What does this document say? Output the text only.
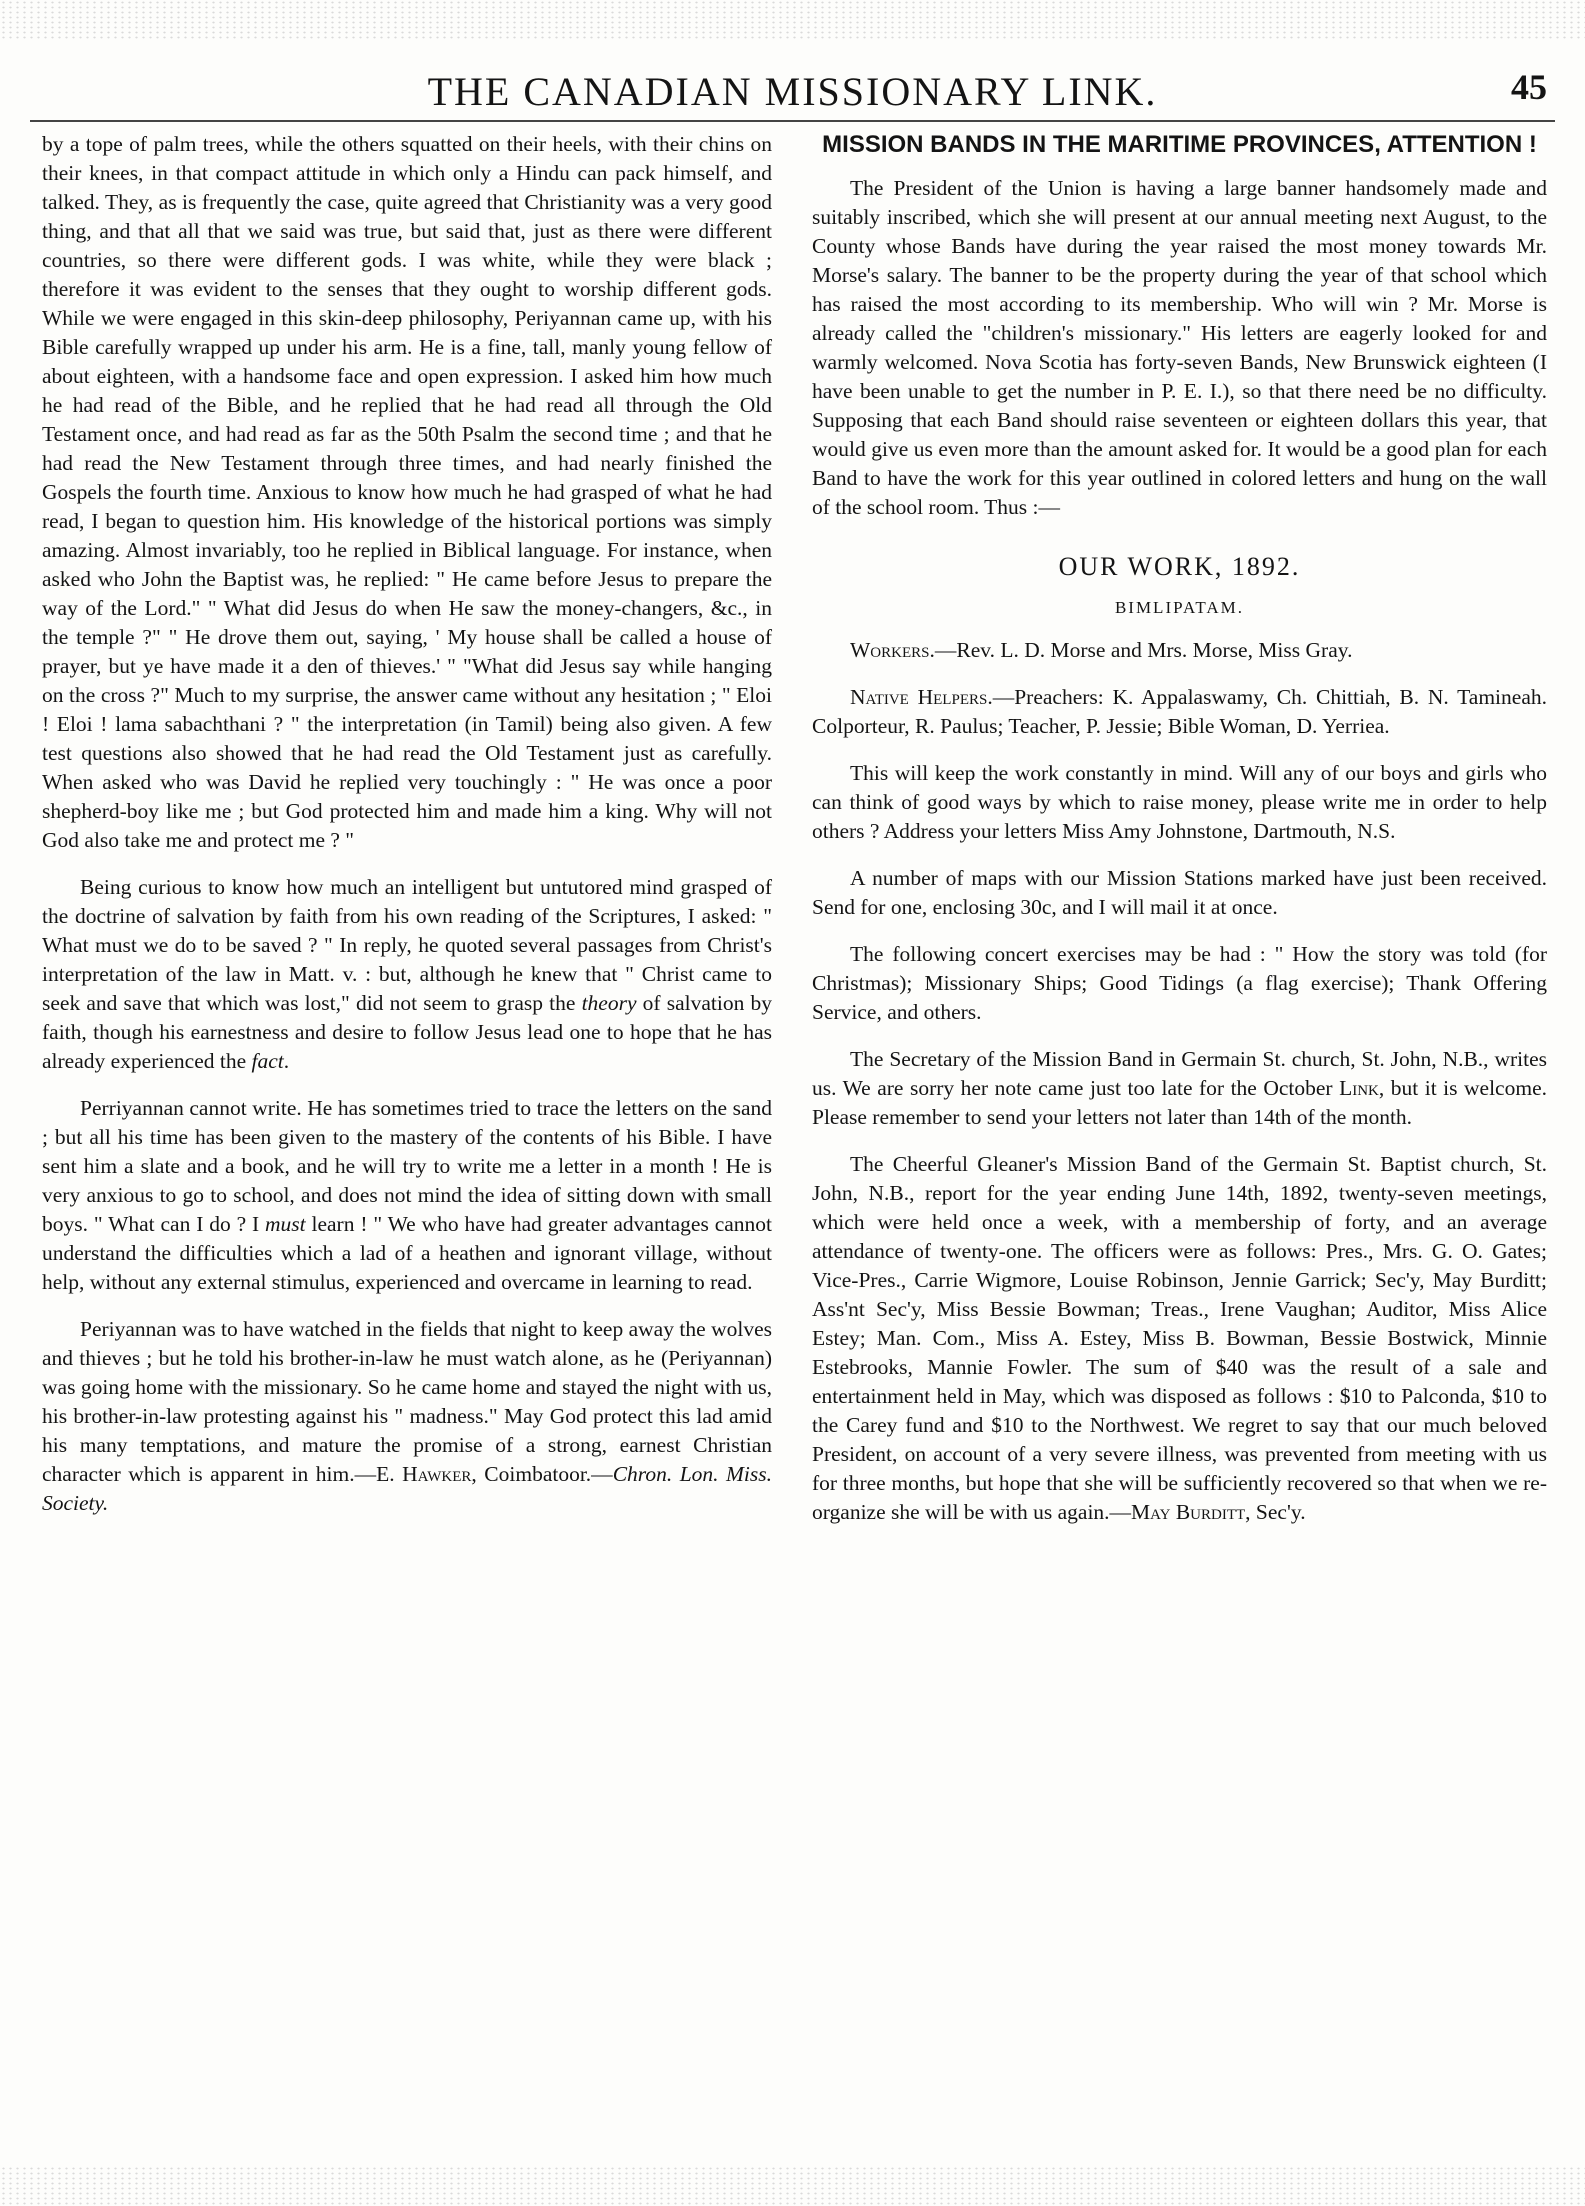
THE CANADIAN MISSIONARY LINK.	45

by a tope of palm trees, while the others squatted on their heels, with their chins on their knees, in that compact attitude in which only a Hindu can pack himself, and talked. They, as is frequently the case, quite agreed that Christianity was a very good thing, and that all that we said was true, but said that, just as there were different countries, so there were different gods. I was white, while they were black ; therefore it was evident to the senses that they ought to worship different gods. While we were engaged in this skin-deep philosophy, Periyannan came up, with his Bible carefully wrapped up under his arm. He is a fine, tall, manly young fellow of about eighteen, with a handsome face and open expression. I asked him how much he had read of the Bible, and he replied that he had read all through the Old Testament once, and had read as far as the 50th Psalm the second time ; and that he had read the New Testament through three times, and had nearly finished the Gospels the fourth time. Anxious to know how much he had grasped of what he had read, I began to question him. His knowledge of the historical portions was simply amazing. Almost invariably, too he replied in Biblical language. For instance, when asked who John the Baptist was, he replied: " He came before Jesus to prepare the way of the Lord." " What did Jesus do when He saw the money-changers, &c., in the temple ?" " He drove them out, saying, ' My house shall be called a house of prayer, but ye have made it a den of thieves.' " "What did Jesus say while hanging on the cross ?" Much to my surprise, the answer came without any hesitation ; " Eloi ! Eloi ! lama sabachthani ? " the interpretation (in Tamil) being also given. A few test questions also showed that he had read the Old Testament just as carefully. When asked who was David he replied very touchingly : " He was once a poor shepherd-boy like me ; but God protected him and made him a king. Why will not God also take me and protect me ? "

Being curious to know how much an intelligent but untutored mind grasped of the doctrine of salvation by faith from his own reading of the Scriptures, I asked: " What must we do to be saved ? " In reply, he quoted several passages from Christ's interpretation of the law in Matt. v. : but, although he knew that " Christ came to seek and save that which was lost," did not seem to grasp the theory of salvation by faith, though his earnestness and desire to follow Jesus lead one to hope that he has already experienced the fact.

Perriyannan cannot write. He has sometimes tried to trace the letters on the sand ; but all his time has been given to the mastery of the contents of his Bible. I have sent him a slate and a book, and he will try to write me a letter in a month ! He is very anxious to go to school, and does not mind the idea of sitting down with small boys. " What can I do ? I must learn ! " We who have had greater advantages cannot understand the difficulties which a lad of a heathen and ignorant village, without help, without any external stimulus, experienced and overcame in learning to read.

Periyannan was to have watched in the fields that night to keep away the wolves and thieves ; but he told his brother-in-law he must watch alone, as he (Periyannan) was going home with the missionary. So he came home and stayed the night with us, his brother-in-law protesting against his " madness." May God protect this lad amid his many temptations, and mature the promise of a strong, earnest Christian character which is apparent in him.—E. Hawker, Coimbatoor.—Chron. Lon. Miss. Society.

MISSION BANDS IN THE MARITIME PROVINCES, ATTENTION !

The President of the Union is having a large banner handsomely made and suitably inscribed, which she will present at our annual meeting next August, to the County whose Bands have during the year raised the most money towards Mr. Morse's salary. The banner to be the property during the year of that school which has raised the most according to its membership. Who will win ? Mr. Morse is already called the "children's missionary." His letters are eagerly looked for and warmly welcomed. Nova Scotia has forty-seven Bands, New Brunswick eighteen (I have been unable to get the number in P. E. I.), so that there need be no difficulty. Supposing that each Band should raise seventeen or eighteen dollars this year, that would give us even more than the amount asked for. It would be a good plan for each Band to have the work for this year outlined in colored letters and hung on the wall of the school room. Thus :—

OUR WORK, 1892.
BIMLIPATAM.

Workers.—Rev. L. D. Morse and Mrs. Morse, Miss Gray.

Native Helpers.—Preachers: K. Appalaswamy, Ch. Chittiah, B. N. Tamineah. Colporteur, R. Paulus; Teacher, P. Jessie; Bible Woman, D. Yerriea.

This will keep the work constantly in mind. Will any of our boys and girls who can think of good ways by which to raise money, please write me in order to help others ? Address your letters Miss Amy Johnstone, Dartmouth, N.S.

A number of maps with our Mission Stations marked have just been received. Send for one, enclosing 30c, and I will mail it at once.

The following concert exercises may be had : " How the story was told (for Christmas); Missionary Ships; Good Tidings (a flag exercise); Thank Offering Service, and others.

The Secretary of the Mission Band in Germain St. church, St. John, N.B., writes us. We are sorry her note came just too late for the October Link, but it is welcome. Please remember to send your letters not later than 14th of the month.

The Cheerful Gleaner's Mission Band of the Germain St. Baptist church, St. John, N.B., report for the year ending June 14th, 1892, twenty-seven meetings, which were held once a week, with a membership of forty, and an average attendance of twenty-one. The officers were as follows: Pres., Mrs. G. O. Gates; Vice-Pres., Carrie Wigmore, Louise Robinson, Jennie Garrick; Sec'y, May Burditt; Ass'nt Sec'y, Miss Bessie Bowman; Treas., Irene Vaughan; Auditor, Miss Alice Estey; Man. Com., Miss A. Estey, Miss B. Bowman, Bessie Bostwick, Minnie Estebrooks, Mannie Fowler. The sum of $40 was the result of a sale and entertainment held in May, which was disposed as follows : $10 to Palconda, $10 to the Carey fund and $10 to the Northwest. We regret to say that our much beloved President, on account of a very severe illness, was prevented from meeting with us for three months, but hope that she will be sufficiently recovered so that when we re-organize she will be with us again.—May Burditt, Sec'y.
